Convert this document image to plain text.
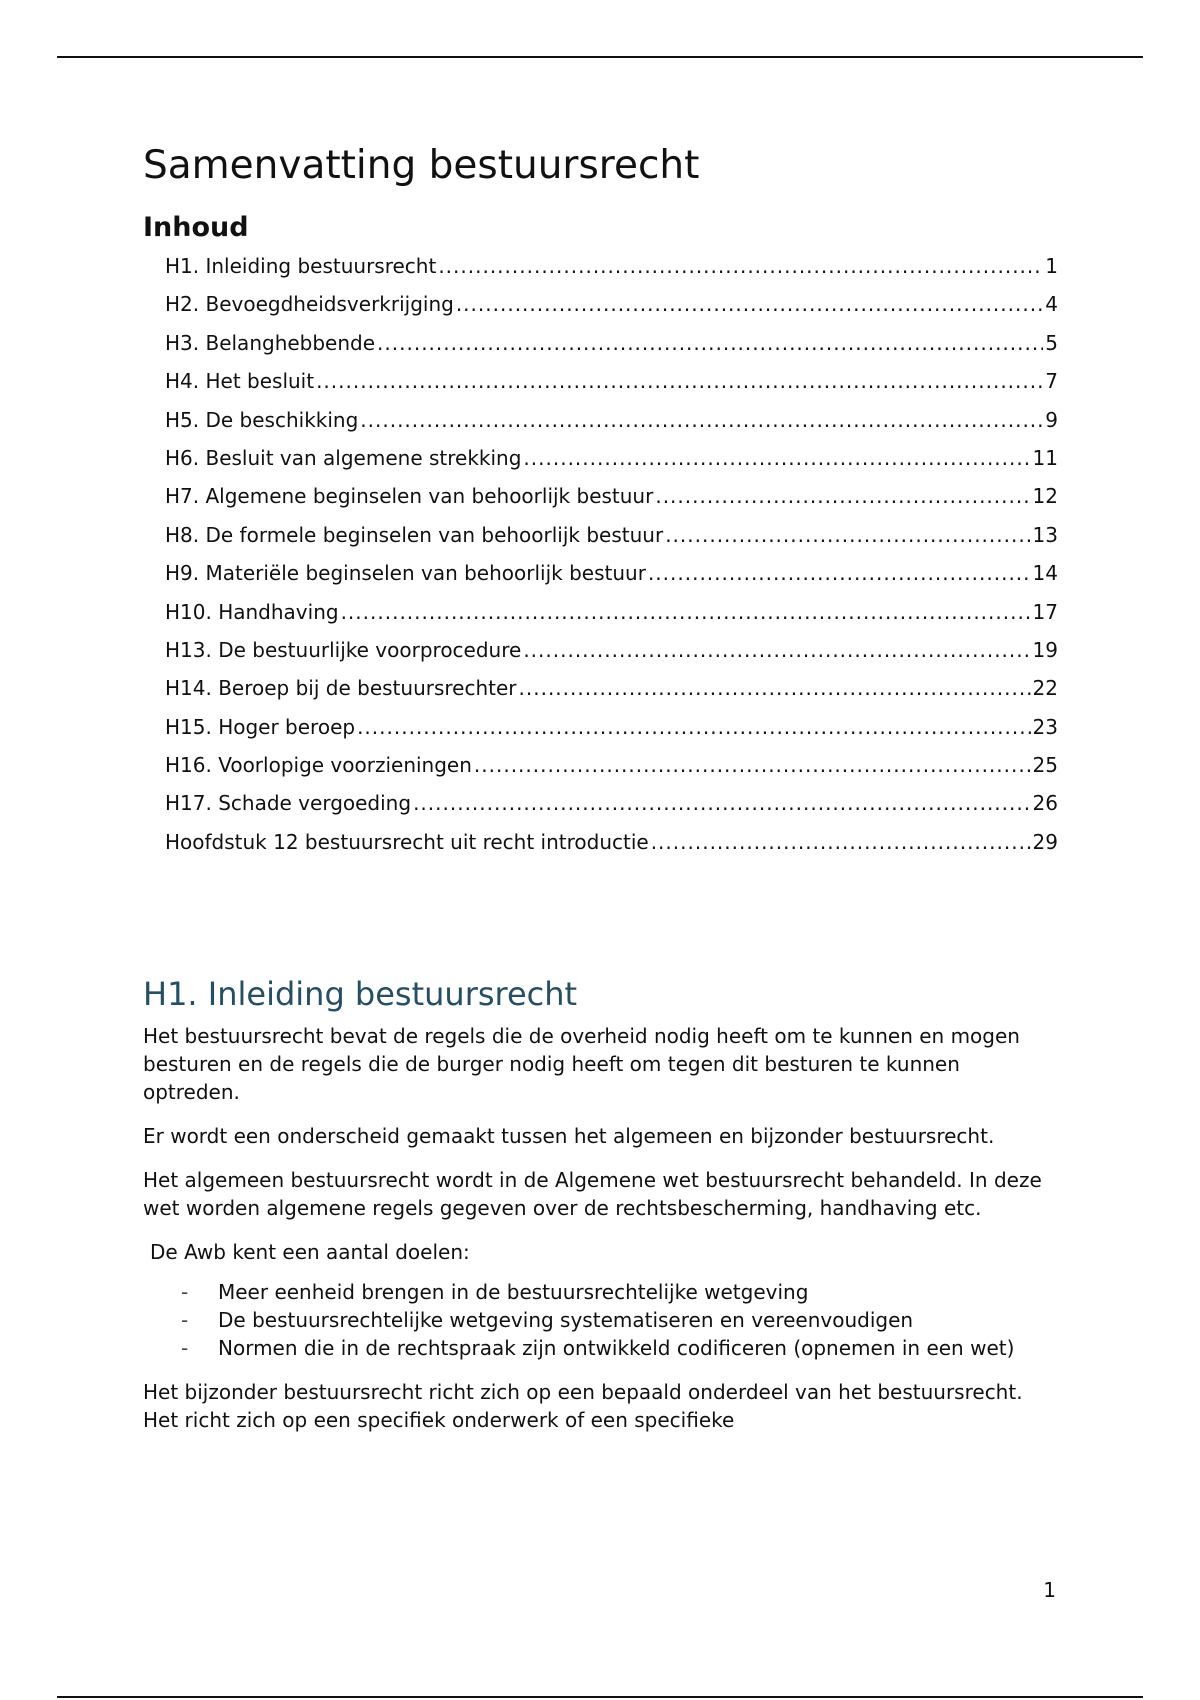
Samenvatting bestuursrecht
Inhoud
H1. Inleiding bestuursrecht .....	1
H2. Bevoegdheidsverkrijging .....	4
H3. Belanghebbende .....	5
H4. Het besluit .....	7
H5. De beschikking .....	9
H6. Besluit van algemene strekking .....	11
H7. Algemene beginselen van behoorlijk bestuur .....	12
H8. De formele beginselen van behoorlijk bestuur .....	13
H9. Materiële beginselen van behoorlijk bestuur .....	14
H10. Handhaving .....	17
H13. De bestuurlijke voorprocedure .....	19
H14. Beroep bij de bestuursrechter .....	22
H15. Hoger beroep .....	23
H16. Voorlopige voorzieningen .....	25
H17. Schade vergoeding .....	26
Hoofdstuk 12 bestuursrecht uit recht introductie .....	29
H1. Inleiding bestuursrecht

Het bestuursrecht bevat de regels die de overheid nodig heeft om te kunnen en mogen besturen en de regels die de burger nodig heeft om tegen dit besturen te kunnen optreden.

Er wordt een onderscheid gemaakt tussen het algemeen en bijzonder bestuursrecht.

Het algemeen bestuursrecht wordt in de Algemene wet bestuursrecht behandeld. In deze wet worden algemene regels gegeven over de rechtsbescherming, handhaving etc.

De Awb kent een aantal doelen:

- Meer eenheid brengen in de bestuursrechtelijke wetgeving
- De bestuursrechtelijke wetgeving systematiseren en vereenvoudigen
- Normen die in de rechtspraak zijn ontwikkeld codificeren (opnemen in een wet)

Het bijzonder bestuursrecht richt zich op een bepaald onderdeel van het bestuursrecht. Het richt zich op een specifiek onderwerk of een specifieke

1
